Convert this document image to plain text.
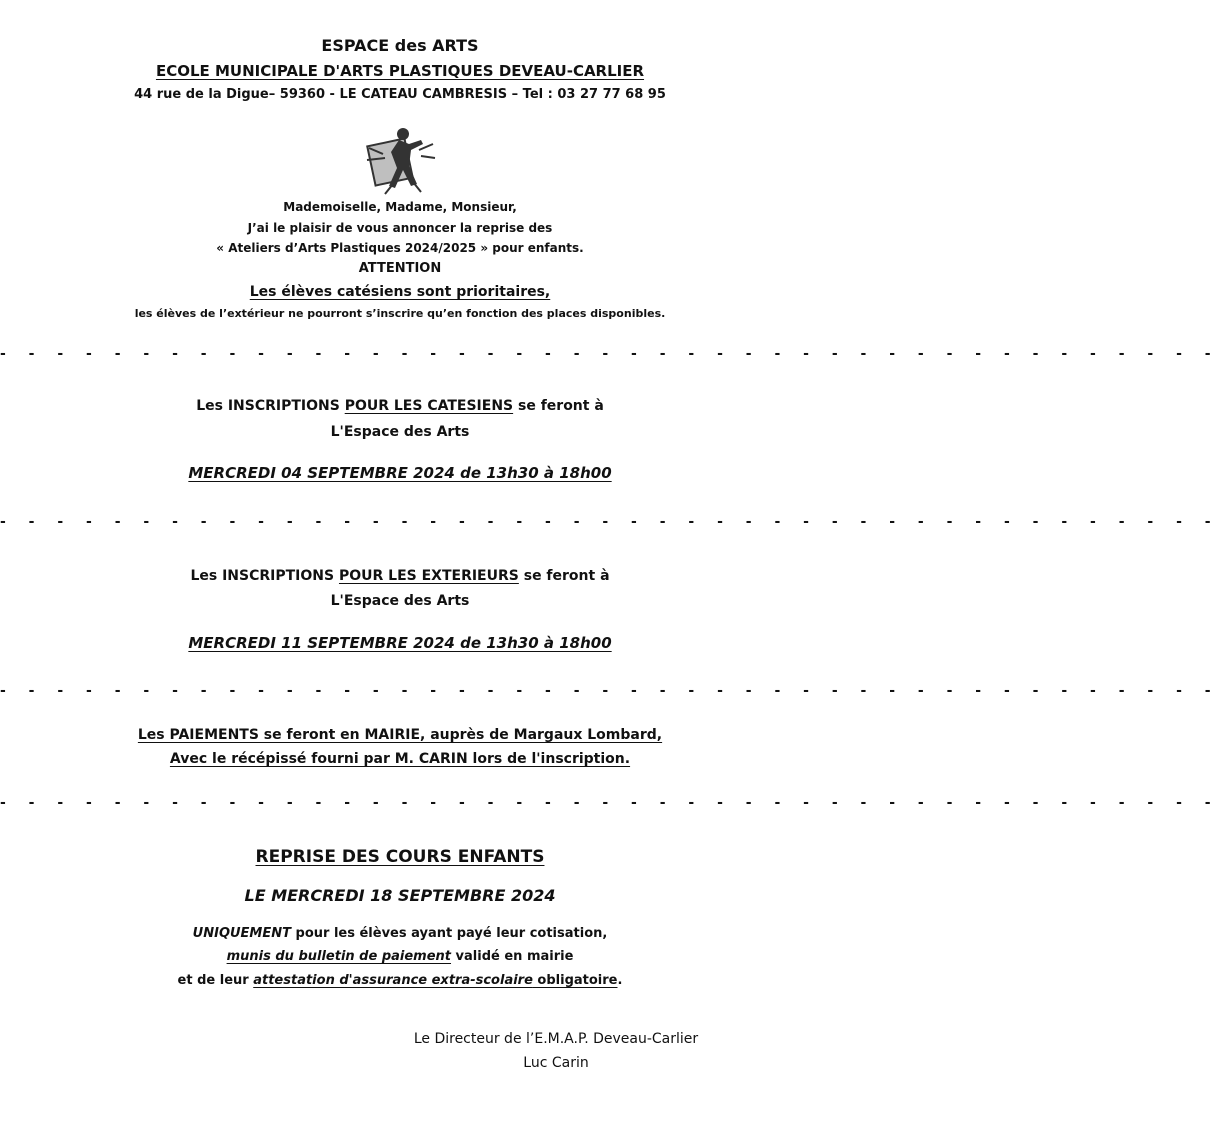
ESPACE des ARTS
ECOLE MUNICIPALE D'ARTS PLASTIQUES DEVEAU-CARLIER
44 rue de la Digue– 59360 - LE CATEAU CAMBRESIS – Tel : 03 27 77 68 95
Mademoiselle, Madame, Monsieur,
J’ai le plaisir de vous annoncer la reprise des
« Ateliers d’Arts Plastiques 2024/2025 » pour enfants.
ATTENTION
Les élèves catésiens sont prioritaires,
les élèves de l’extérieur ne pourront s’inscrire qu’en fonction des places disponibles.
- - - - - - - - - - - - - - - - - - - - - - - - - - - - - - - - - - - - - - - - - - -
Les INSCRIPTIONS POUR LES CATESIENS se feront à
L'Espace des Arts
MERCREDI 04 SEPTEMBRE 2024 de 13h30 à 18h00
- - - - - - - - - - - - - - - - - - - - - - - - - - - - - - - - - - - - - - - - - - -
Les INSCRIPTIONS POUR LES EXTERIEURS se feront à
L'Espace des Arts
MERCREDI 11 SEPTEMBRE 2024 de 13h30 à 18h00
- - - - - - - - - - - - - - - - - - - - - - - - - - - - - - - - - - - - - - - - - - -
Les PAIEMENTS se feront en MAIRIE, auprès de Margaux Lombard,
Avec le récépissé fourni par M. CARIN lors de l'inscription.
- - - - - - - - - - - - - - - - - - - - - - - - - - - - - - - - - - - - - - - - - - -
REPRISE DES COURS ENFANTS
LE MERCREDI 18 SEPTEMBRE 2024
UNIQUEMENT pour les élèves ayant payé leur cotisation,
munis du bulletin de paiement validé en mairie
et de leur attestation d'assurance extra-scolaire obligatoire.
Le Directeur de l’E.M.A.P. Deveau-Carlier
Luc Carin
